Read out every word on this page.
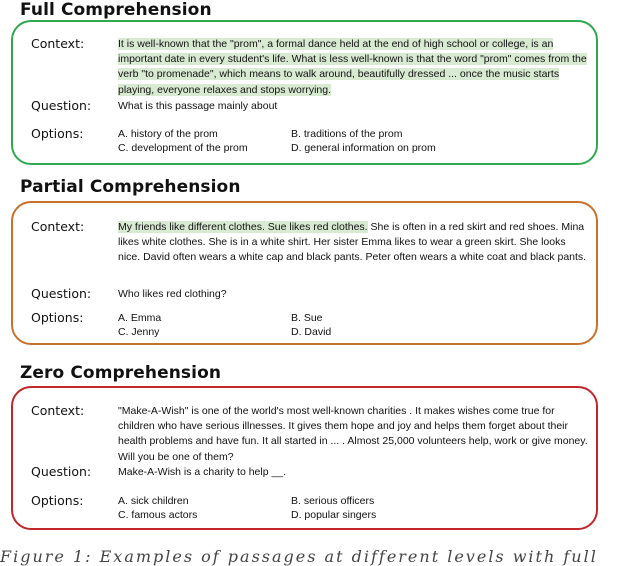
Full Comprehension
Context:	It is well-known that the "prom", a formal dance held at the end of high school or college, is an important date in every student's life. What is less well-known is that the word "prom" comes from the verb "to promenade", which means to walk around, beautifully dressed ... once the music starts playing, everyone relaxes and stops worrying.
Question:	What is this passage mainly about
Options:	A. history of the prom	B. traditions of the prom
C. development of the prom	D. general information on prom
Partial Comprehension
Context:	My friends like different clothes. Sue likes red clothes. She is often in a red skirt and red shoes. Mina likes white clothes. She is in a white shirt. Her sister Emma likes to wear a green skirt. She looks nice. David often wears a white cap and black pants. Peter often wears a white coat and black pants.
Question:	Who likes red clothing?
Options:	A. Emma	B. Sue
C. Jenny	D. David
Zero Comprehension
Context:	"Make-A-Wish" is one of the world's most well-known charities . It makes wishes come true for children who have serious illnesses. It gives them hope and joy and helps them forget about their health problems and have fun. It all started in ... . Almost 25,000 volunteers help, work or give money. Will you be one of them?
Question:	Make-A-Wish is a charity to help __.
Options:	A. sick children	B. serious officers
C. famous actors	D. popular singers
Figure 1: Examples of passages at different levels with full
